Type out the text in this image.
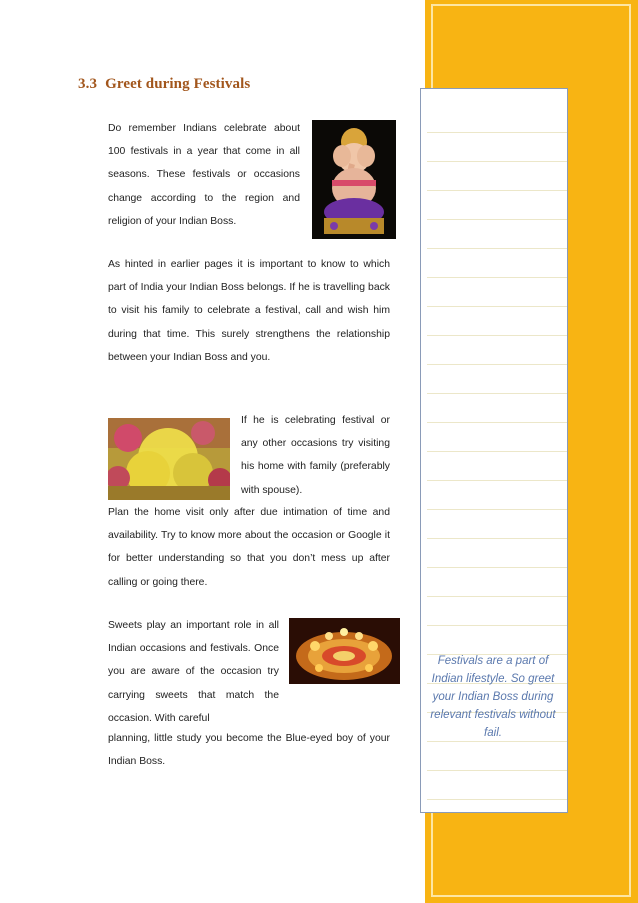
Festivals are a part of Indian lifestyle. So greet your Indian Boss during relevant festivals without fail.
3.3 Greet during Festivals
Do remember Indians celebrate about 100 festivals in a year that come in all seasons. These festivals or occasions change according to the region and religion of your Indian Boss.
As hinted in earlier pages it is important to know to which part of India your Indian Boss belongs. If he is travelling back to visit his family to celebrate a festival, call and wish him during that time. This surely strengthens the relationship between your Indian Boss and you.
If he is celebrating festival or any other occasions try visiting his home with family (preferably with spouse).
Plan the home visit only after due intimation of time and availability. Try to know more about the occasion or Google it for better understanding so that you don’t mess up after calling or going there.
Sweets play an important role in all Indian occasions and festivals. Once you are aware of the occasion try carrying sweets that match the occasion. With careful
planning, little study you become the Blue-eyed boy of your Indian Boss.
